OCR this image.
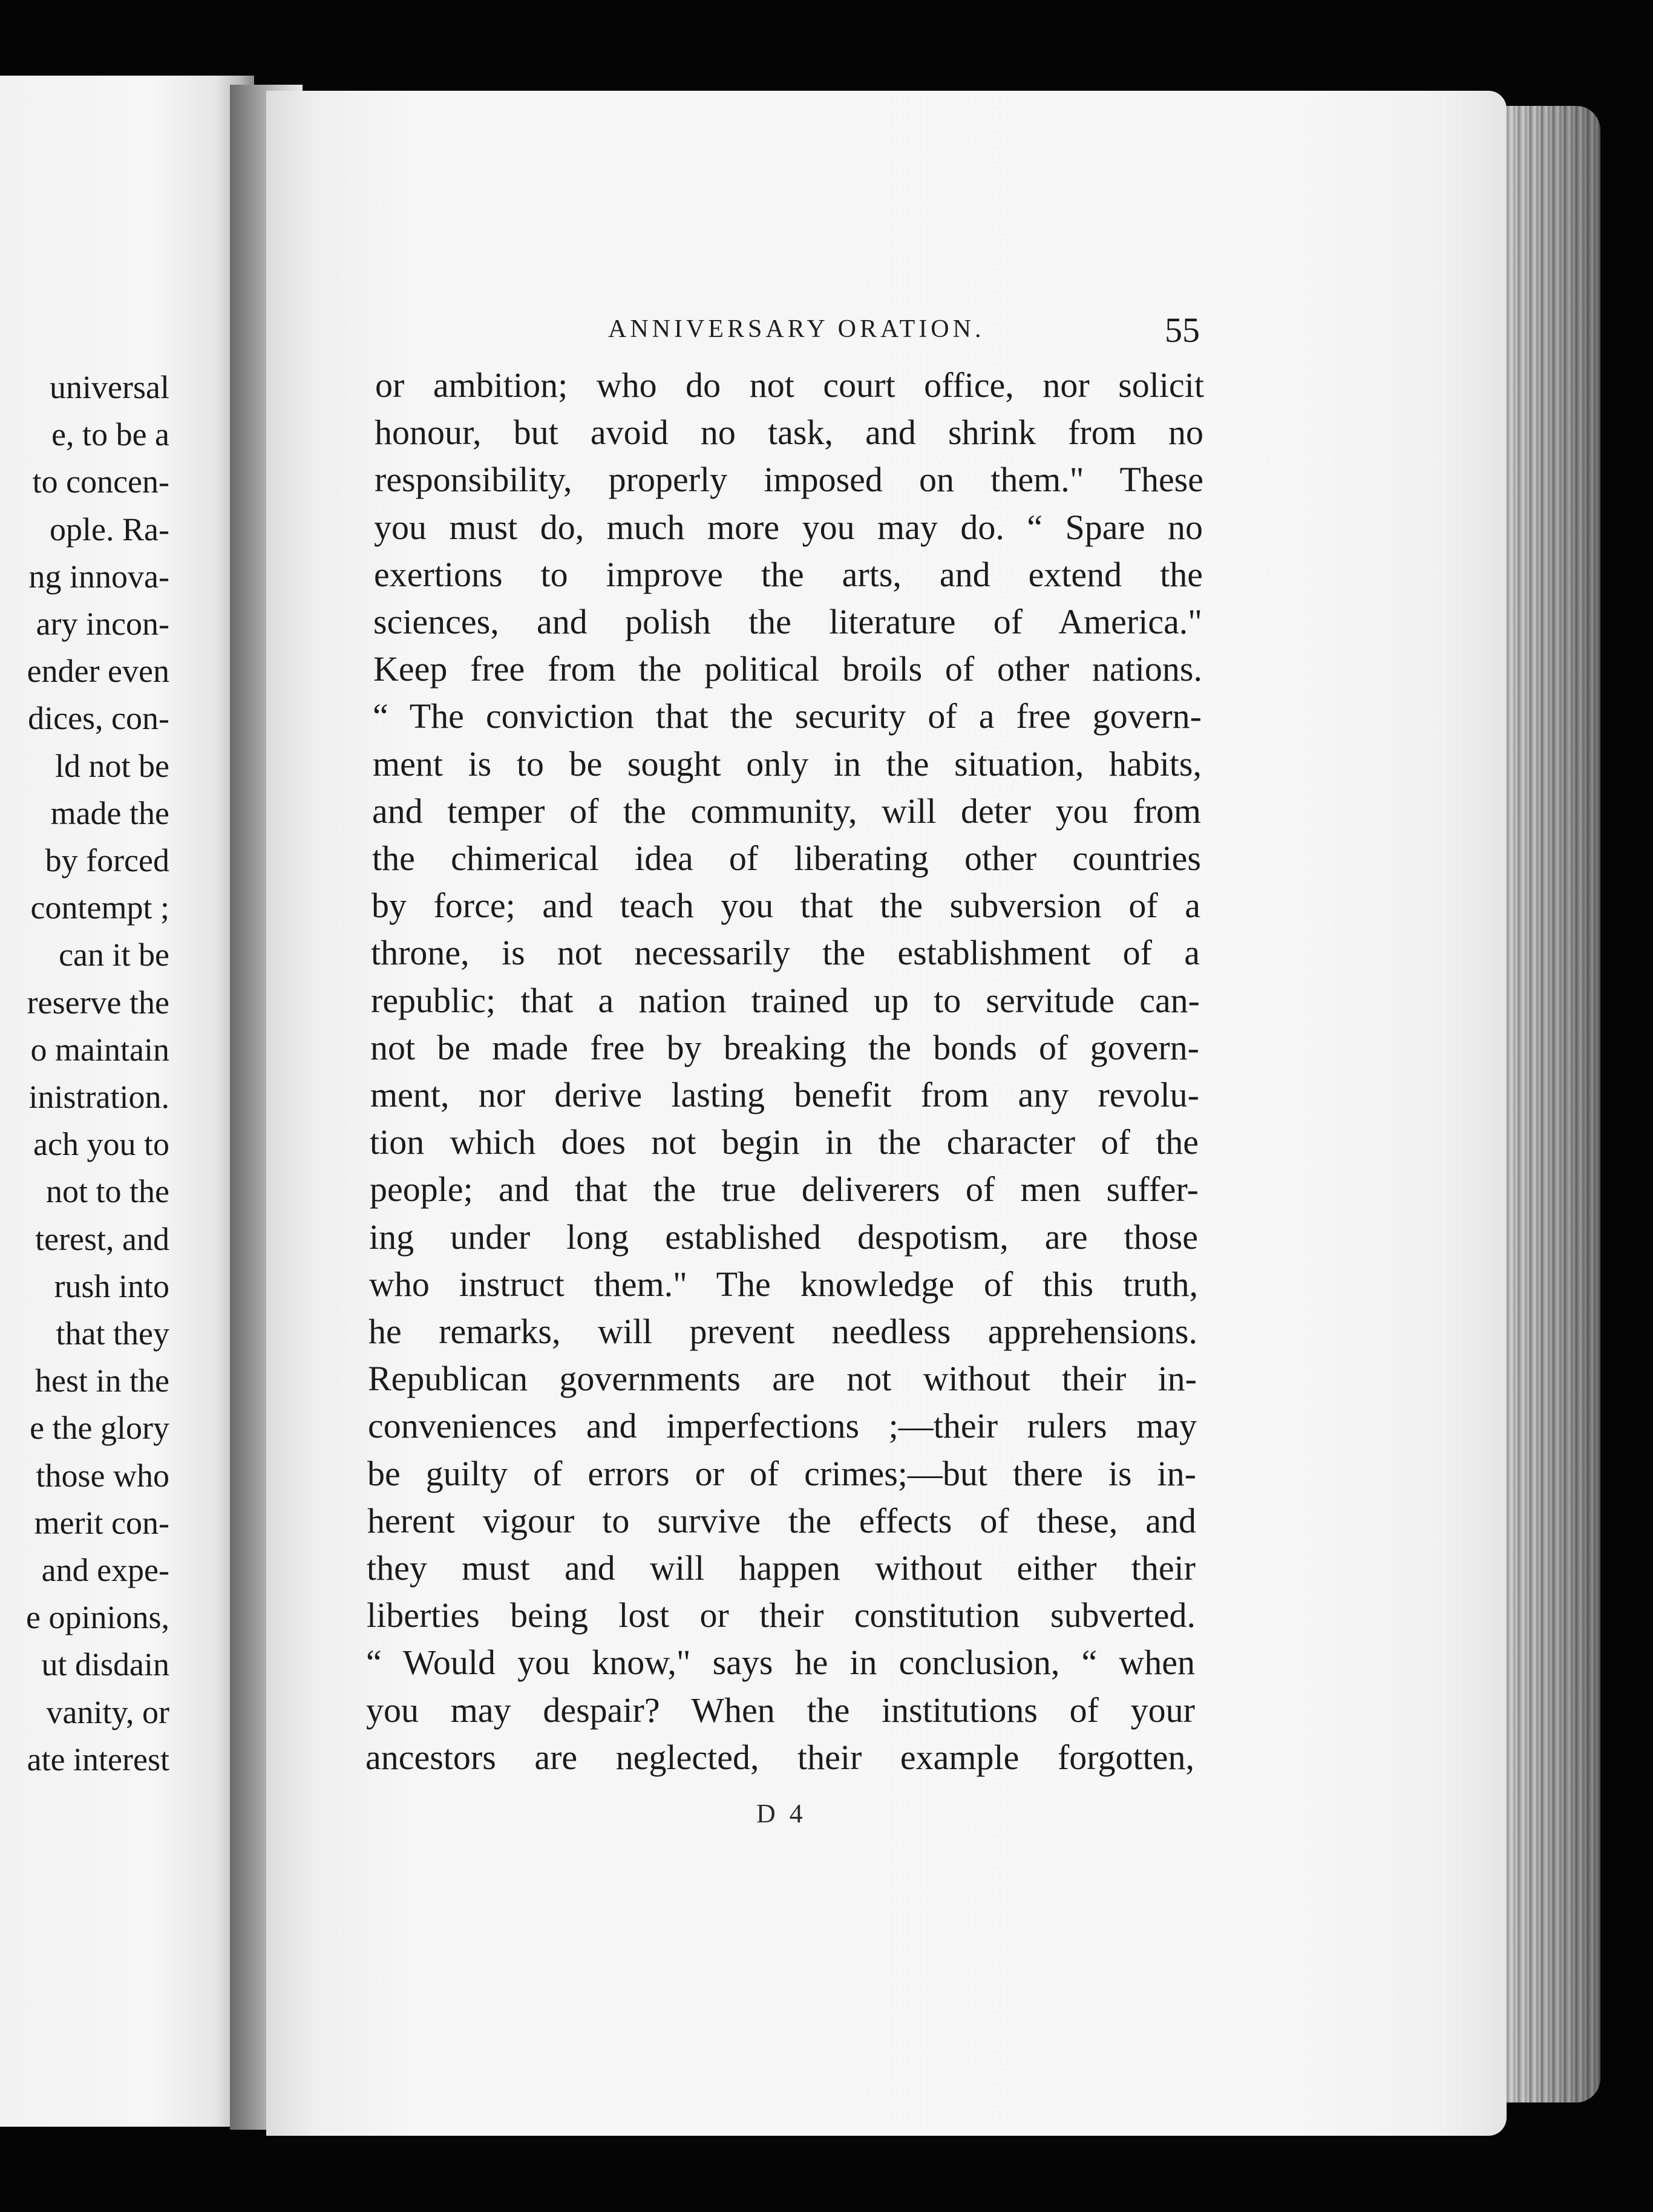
universal
e, to be a
to concen-
ople. Ra-
ng innova-
ary incon-
ender even
dices, con-
ld not be
made the
by forced
contempt ;
can it be
reserve the
o maintain
inistration.
ach you to
not to the
terest, and
rush into
that they
hest in the
e the glory
those who
merit con-
and expe-
e opinions,
ut disdain
vanity, or
ate interest
ANNIVERSARY ORATION.	55
or ambition; who do not court office, nor solicit
honour, but avoid no task, and shrink from no
responsibility, properly imposed on them." These
you must do, much more you may do. “ Spare no
exertions to improve the arts, and extend the
sciences, and polish the literature of America."
Keep free from the political broils of other nations.
“ The conviction that the security of a free govern-
ment is to be sought only in the situation, habits,
and temper of the community, will deter you from
the chimerical idea of liberating other countries
by force; and teach you that the subversion of a
throne, is not necessarily the establishment of a
republic; that a nation trained up to servitude can-
not be made free by breaking the bonds of govern-
ment, nor derive lasting benefit from any revolu-
tion which does not begin in the character of the
people; and that the true deliverers of men suffer-
ing under long established despotism, are those
who instruct them." The knowledge of this truth,
he remarks, will prevent needless apprehensions.
Republican governments are not without their in-
conveniences and imperfections ;—their rulers may
be guilty of errors or of crimes;—but there is in-
herent vigour to survive the effects of these, and
they must and will happen without either their
liberties being lost or their constitution subverted.
“ Would you know," says he in conclusion, “ when
you may despair? When the institutions of your
ancestors are neglected, their example forgotten,
D 4
